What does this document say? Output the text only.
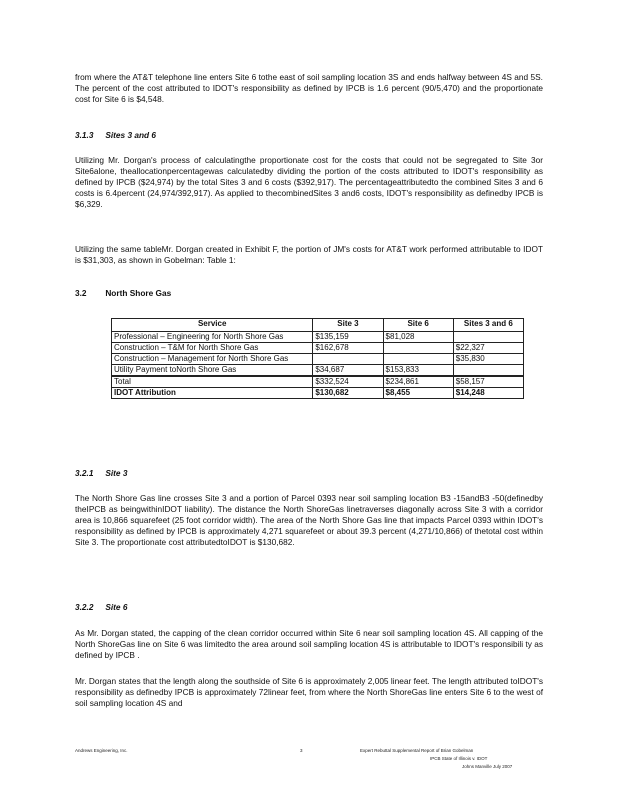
from where the AT&T telephone line enters Site 6 tothe east of soil sampling location 3S and ends halfway between 4S and 5S. The percent of the cost attributed to IDOT's responsibility as defined by IPCB is 1.6 percent (90/5,470) and the proportionate cost for Site 6 is $4,548.

3.1.3 Sites 3 and 6

Utilizing Mr. Dorgan's process of calculatingthe proportionate cost for the costs that could not be segregated to Site 3or Site6alone, theallocationpercentagewas calculatedby dividing the portion of the costs attributed to IDOT's responsibility as defined by IPCB ($24,974) by the total Sites 3 and 6 costs ($392,917). The percentageattributedto the combined Sites 3 and 6 costs is 6.4percent (24,974/392,917). As applied to thecombinedSites 3 and6 costs, IDOT's responsibility as definedby IPCB is $6,329.

Utilizing the same tableMr. Dorgan created in Exhibit F, the portion of JM's costs for AT&T work performed attributable to IDOT is $31,303, as shown in Gobelman: Table 1:

3.2 North Shore Gas
Service	Site 3	Site 6	Sites 3 and 6
Professional – Engineering for North Shore Gas	$135,159	$81,028	
Construction – T&M for North Shore Gas	$162,678		$22,327
Construction – Management for North Shore Gas			$35,830
Utility Payment toNorth Shore Gas	$34,687	$153,833	
Total	$332,524	$234,861	$58,157
IDOT Attribution	$130,682	$8,455	$14,248
3.2.1 Site 3

The North Shore Gas line crosses Site 3 and a portion of Parcel 0393 near soil sampling location B3 -15andB3 -50(definedby theIPCB as beingwithinIDOT liability). The distance the North ShoreGas linetraverses diagonally across Site 3 with a corridor area is 10,866 squarefeet (25 foot corridor width). The area of the North Shore Gas line that impacts Parcel 0393 within IDOT's responsibility as defined by IPCB is approximately 4,271 squarefeet or about 39.3 percent (4,271/10,866) of thetotal cost within Site 3. The proportionate cost attributedtoIDOT is $130,682.

3.2.2 Site 6

As Mr. Dorgan stated, the capping of the clean corridor occurred within Site 6 near soil sampling location 4S. All capping of the North ShoreGas line on Site 6 was limitedto the area around soil sampling location 4S is attributable to IDOT's responsibili ty as defined by IPCB .

Mr. Dorgan states that the length along the southside of Site 6 is approximately 2,005 linear feet. The length attributed toIDOT's responsibility as definedby IPCB is approximately 72linear feet, from where the North ShoreGas line enters Site 6 to the west of soil sampling location 4S and

Andrews Engineering, Inc.	3	Expert Rebuttal Supplemental Report of Brian Gobelman
IPCB State of Illinois v. IDOT
Johns Manville July 2007
